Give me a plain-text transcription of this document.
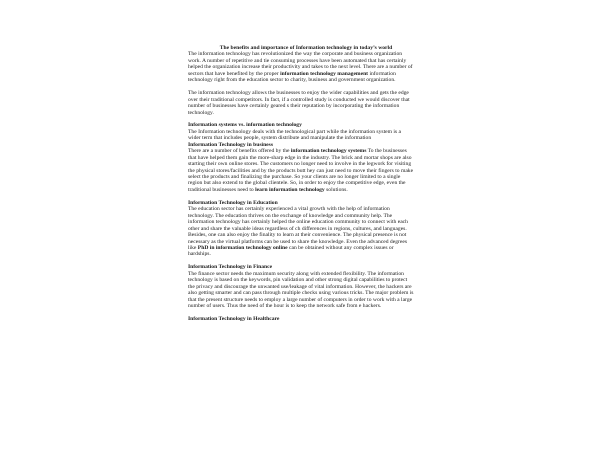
The benefits and importance of Information technology in today’s world

The information technology has revolutionized the way the corporate and business organization work. A number of repetitive and tie consuming processes have been automated that has certainly helped the organization increase their productivity and takes to the next level. There are a number of sectors that have benefited by the proper information technology management information technology right from the education sector to charity, business and government organization.

The information technology allows the businesses to enjoy the wider capabilities and gets the edge over their traditional competitors. In fact, if a controlled study is conducted we would discover that number of businesses have certainly geared s their reputation by incorporating the information technology.

Information systems vs. information technology

The Information technology deals with the technological part while the information system is a wider term that includes people, system distribute and manipulate the information

Information Technology in business

There are a number of benefits offered by the information technology systems To the businesses that have helped them gain the more-sharp edge in the industry. The brick and mortar shops are also starting their own online stores. The customers no longer need to involve in the legwork for visiting the physical stores/facilities and by the products butt hey can just need to move their fingers to make select the products and finalizing the purchase. So your clients are no longer limited to a single region but also extend to the global clientele. So, in order to enjoy the competitive edge, even the traditional businesses need to learn information technology solutions.

Information Technology in Education

The education sector has certainly experienced a vital growth with the help of information technology. The education thrives on the exchange of knowledge and community help. The information technology has certainly helped the online education community to connect with each other and share the valuable ideas regardless of ch differences in regions, cultures, and languages. Besides, one can also enjoy the finality to learn at their convenience. The physical presence is not necessary as the virtual platforms can be used to share the knowledge. Even the advanced degrees like PhD in information technology online can be obtained without any complex issues or hardships.

Information Technology in Finance

The finance sector needs the maximum security along with extended flexibility. The information technology is based on the keywords, pin validation and other strong digital capabilities to protect the privacy and discourage the unwanted use/leakage of vital information. However, the hackers are also getting smarter and can pass through multiple checks using various tricks. The major problem is that the present structure needs to employ a large number of computers in order to work with a large number of users. Thus the need of the hour is to keep the network safe from e hackers.

Information Technology in Healthcare
